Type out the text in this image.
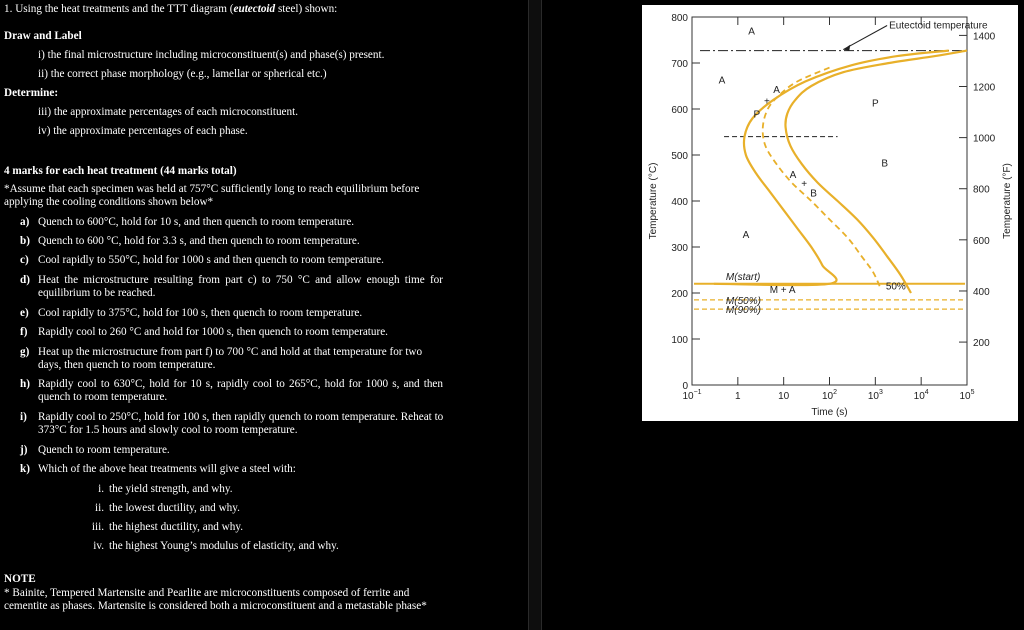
1. Using the heat treatments and the TTT diagram (eutectoid steel) shown:
Draw and Label
i) the final microstructure including microconstituent(s) and phase(s) present.
ii) the correct phase morphology (e.g., lamellar or spherical etc.)
Determine:
iii) the approximate percentages of each microconstituent.
iv) the approximate percentages of each phase.
4 marks for each heat treatment (44 marks total)
*Assume that each specimen was held at 757°C sufficiently long to reach equilibrium before applying the cooling conditions shown below*
a) Quench to 600°C, hold for 10 s, and then quench to room temperature.
b) Quench to 600 °C, hold for 3.3 s, and then quench to room temperature.
c) Cool rapidly to 550°C, hold for 1000 s and then quench to room temperature.
d) Heat the microstructure resulting from part c) to 750 °C and allow enough time for equilibrium to be reached.
e) Cool rapidly to 375°C, hold for 100 s, then quench to room temperature.
f) Rapidly cool to 260 °C and hold for 1000 s, then quench to room temperature.
g) Heat up the microstructure from part f) to 700 °C and hold at that temperature for two days, then quench to room temperature.
h) Rapidly cool to 630°C, hold for 10 s, rapidly cool to 265°C, hold for 1000 s, and then quench to room temperature.
i) Rapidly cool to 250°C, hold for 100 s, then rapidly quench to room temperature. Reheat to 373°C for 1.5 hours and slowly cool to room temperature.
j) Quench to room temperature.
k) Which of the above heat treatments will give a steel with:
i. the yield strength, and why.
ii. the lowest ductility, and why.
iii. the highest ductility, and why.
iv. the highest Young’s modulus of elasticity, and why.
NOTE
* Bainite, Tempered Martensite and Pearlite are microconstituents composed of ferrite and cementite as phases. Martensite is considered both a microconstituent and a metastable phase*
0
100
200
300
400
500
600
700
800
200
400
600
800
1000
1200
1400
$10^{-1}$	1	10	$10^2$	$10^3$	$10^4$	$10^5$
Time (s)
Temperature (°C)	Temperature (°F)
Eutectoid temperature
M(start)
M(50%)
M(90%)
A
A
P
B
A
M + A	50%
A
+
P
A
+
B
